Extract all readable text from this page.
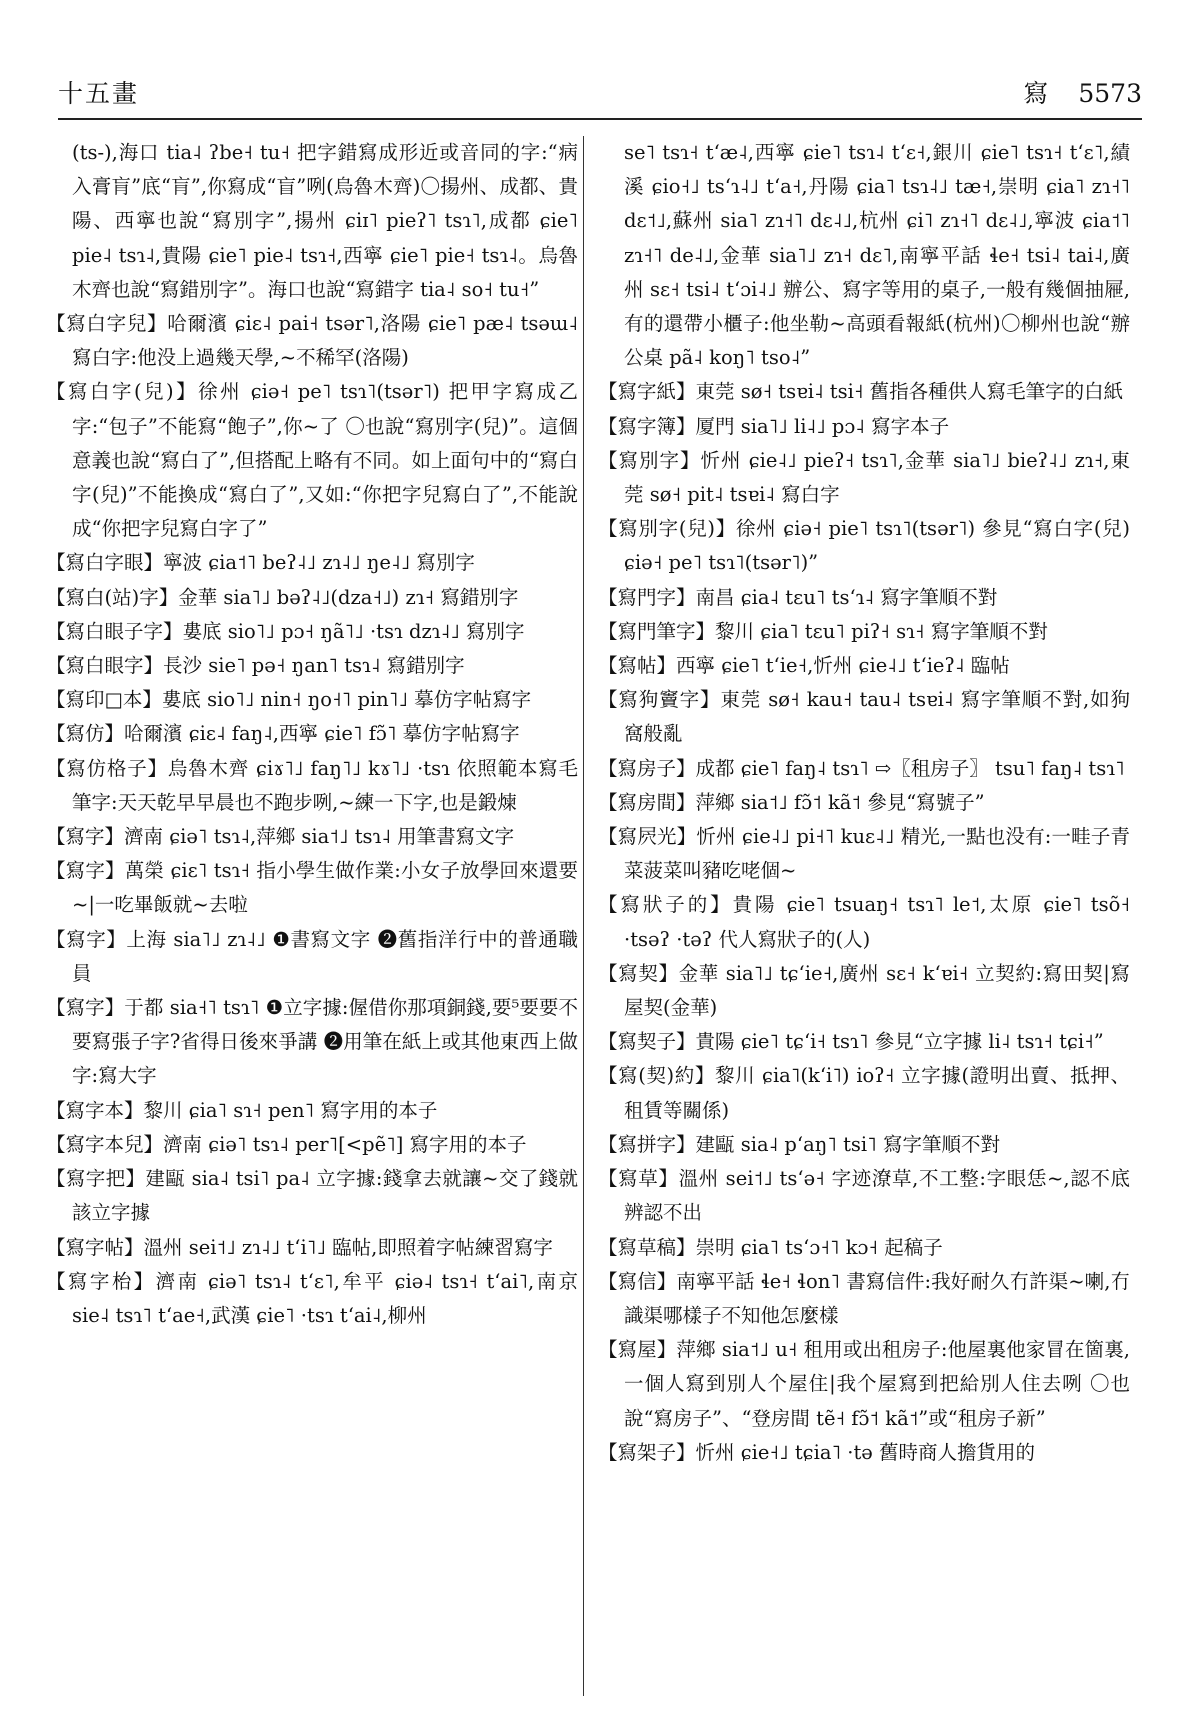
十五畫	寫 5573

(ts-),海口 tia˨ ʔbe˧ tu˧ 把字錯寫成形近或音同的字:“病入膏肓”底“肓”,你寫成“盲”咧(烏魯木齊)〇揚州、成都、貴陽、西寧也說“寫別字”,揚州 ɕiɪ˥ pieʔ˥ tsɿ˥,成都 ɕie˥ pie˨ tsɿ˨,貴陽 ɕie˥ pie˨ tsɿ˧,西寧 ɕie˥ pie˧ tsɿ˨。烏魯木齊也說“寫錯別字”。海口也說“寫錯字 tia˨ so˧ tu˧”

【寫白字兒】哈爾濱 ɕiɛ˨ pai˧ tsər˥,洛陽 ɕie˥ pæ˨ tsəɯ˨ 寫白字:他没上過幾天學,~不稀罕(洛陽)

【寫白字(兒)】徐州 ɕiə˧ pe˥ tsɿ˥(tsər˥) 把甲字寫成乙字:“包子”不能寫“飽子”,你~了 〇也說“寫別字(兒)”。這個意義也說“寫白了”,但搭配上略有不同。如上面句中的“寫白字(兒)”不能換成“寫白了”,又如:“你把字兒寫白了”,不能說成“你把字兒寫白字了”

【寫白字眼】寧波 ɕia˦˥ beʔ˨˩ zɿ˨˩ ŋe˨˩ 寫別字

【寫白(站)字】金華 sia˥˩ bəʔ˨˩(dza˧˩) zɿ˧ 寫錯別字

【寫白眼子字】婁底 sio˥˩ pɔ˧ ŋã˥˩ ·tsɿ dzɿ˨˩ 寫別字

【寫白眼字】長沙 sie˥ pə˧ ŋan˥ tsɿ˨ 寫錯別字

【寫印□本】婁底 sio˥˩ nin˧ ŋo˧˥ pin˥˩ 摹仿字帖寫字

【寫仿】哈爾濱 ɕiɛ˨ faŋ˨,西寧 ɕie˥ fɔ̃˥ 摹仿字帖寫字

【寫仿格子】烏魯木齊 ɕiɤ˥˩ faŋ˥˩ kɤ˥˩ ·tsɿ 依照範本寫毛筆字:天天乾早早晨也不跑步咧,~練一下字,也是鍛煉

【寫字】濟南 ɕiə˥ tsɿ˨,萍鄉 sia˦˩ tsɿ˨ 用筆書寫文字

【寫字】萬榮 ɕiɛ˥ tsɿ˧ 指小學生做作業:小女子放學回來還要~|一吃畢飯就~去啦

【寫字】上海 sia˥˩ zɿ˨˩ ❶書寫文字 ❷舊指洋行中的普通職員

【寫字】于都 sia˧˥ tsɿ˥ ❶立字據:偓借你那項銅錢,要⁵要要不要寫張子字?省得日後來爭講 ❷用筆在紙上或其他東西上做字:寫大字

【寫字本】黎川 ɕia˥ sɿ˧ pen˥ 寫字用的本子

【寫字本兒】濟南 ɕiə˥ tsɿ˨ per˥[<pẽ˥] 寫字用的本子

【寫字把】建甌 sia˨ tsi˥ pa˨ 立字據:錢拿去就讓~交了錢就該立字據

【寫字帖】溫州 sei˦˩ zɿ˨˩ tʻi˥˩ 臨帖,即照着字帖練習寫字

【寫字枱】濟南 ɕiə˥ tsɿ˨ tʻɛ˥,牟平 ɕiə˨ tsɿ˧ tʻai˥,南京 sie˨ tsɿ˥ tʻae˧,武漢 ɕie˥ ·tsɿ tʻai˨,柳州

se˥ tsɿ˧ tʻæ˨,西寧 ɕie˥ tsɿ˨ tʻɛ˧,銀川 ɕie˥ tsɿ˧ tʻɛ˥,績溪 ɕio˧˩ tsʻɿ˨˩ tʻa˧,丹陽 ɕia˥ tsɿ˨˩ tæ˧,崇明 ɕia˥ zɿ˧˥ dɛ˦˩,蘇州 sia˥ zɿ˧˥ dɛ˨˩,杭州 ɕi˥ zɿ˧˥ dɛ˨˩,寧波 ɕia˦˥ zɿ˧˥ de˨˩,金華 sia˥˩ zɿ˧ dɛ˥,南寧平話 ɬe˧ tsi˨ tai˨,廣州 sɛ˧ tsi˨ tʻɔi˨˩ 辦公、寫字等用的桌子,一般有幾個抽屜,有的還帶小櫃子:他坐勒~高頭看報紙(杭州)〇柳州也說“辦公桌 pã˨ koŋ˥ tso˨”

【寫字紙】東莞 sø˧ tsɐi˨ tsi˧ 舊指各種供人寫毛筆字的白紙

【寫字簿】厦門 sia˥˩ li˨˩ pɔ˨ 寫字本子

【寫別字】忻州 ɕie˨˩ pieʔ˧ tsɿ˥,金華 sia˥˩ bieʔ˨˩ zɿ˧,東莞 sø˧ pit˨ tsɐi˨ 寫白字

【寫別字(兒)】徐州 ɕiə˧ pie˥ tsɿ˥(tsər˥) 參見“寫白字(兒) ɕiə˧ pe˥ tsɿ˥(tsər˥)”

【寫門字】南昌 ɕia˨ tɛu˥ tsʻɿ˨ 寫字筆順不對

【寫門筆字】黎川 ɕia˥ tɛu˥ piʔ˧ sɿ˧ 寫字筆順不對

【寫帖】西寧 ɕie˥ tʻie˧,忻州 ɕie˨˩ tʻieʔ˨ 臨帖

【寫狗竇字】東莞 sø˧ kau˧ tau˨ tsɐi˨ 寫字筆順不對,如狗窩般亂

【寫房子】成都 ɕie˥ faŋ˨ tsɿ˥ ⇨〖租房子〗 tsu˥ faŋ˨ tsɿ˥

【寫房間】萍鄉 sia˦˩ fɔ̃˦ kã˦ 參見“寫號子”

【寫屄光】忻州 ɕie˨˩ pi˧˥ kuɛ˨˩ 精光,一點也没有:一畦子青菜菠菜叫豬吃咾個~

【寫狀子的】貴陽 ɕie˥ tsuaŋ˧ tsɿ˥ le˦,太原 ɕie˥ tsõ˧ ·tsəʔ ·təʔ 代人寫狀子的(人)

【寫契】金華 sia˥˩ tɕʻie˧,廣州 sɛ˧ kʻɐi˧ 立契約:寫田契|寫屋契(金華)

【寫契子】貴陽 ɕie˥ tɕʻi˧ tsɿ˥ 參見“立字據 li˨ tsɿ˧ tɕi˧”

【寫(契)約】黎川 ɕia˥(kʻi˥) ioʔ˧ 立字據(證明出賣、抵押、租賃等關係)

【寫拼字】建甌 sia˨ pʻaŋ˥ tsi˥ 寫字筆順不對

【寫草】溫州 sei˦˩ tsʻə˧ 字迹潦草,不工整:字眼恁~,認不底辨認不出

【寫草稿】崇明 ɕia˥ tsʻɔ˧˥ kɔ˧ 起稿子

【寫信】南寧平話 ɬe˧ ɬon˥ 書寫信件:我好耐久冇許渠~喇,冇識渠哪樣子不知他怎麼樣

【寫屋】萍鄉 sia˦˩ u˧ 租用或出租房子:他屋裏他家冒在箇裏,一個人寫到別人个屋住|我个屋寫到把給別人住去咧 〇也說“寫房子”、“登房間 tẽ˧ fɔ̃˦ kã˦”或“租房子新”

【寫架子】忻州 ɕie˧˩ tɕia˥ ·tə 舊時商人擔貨用的
